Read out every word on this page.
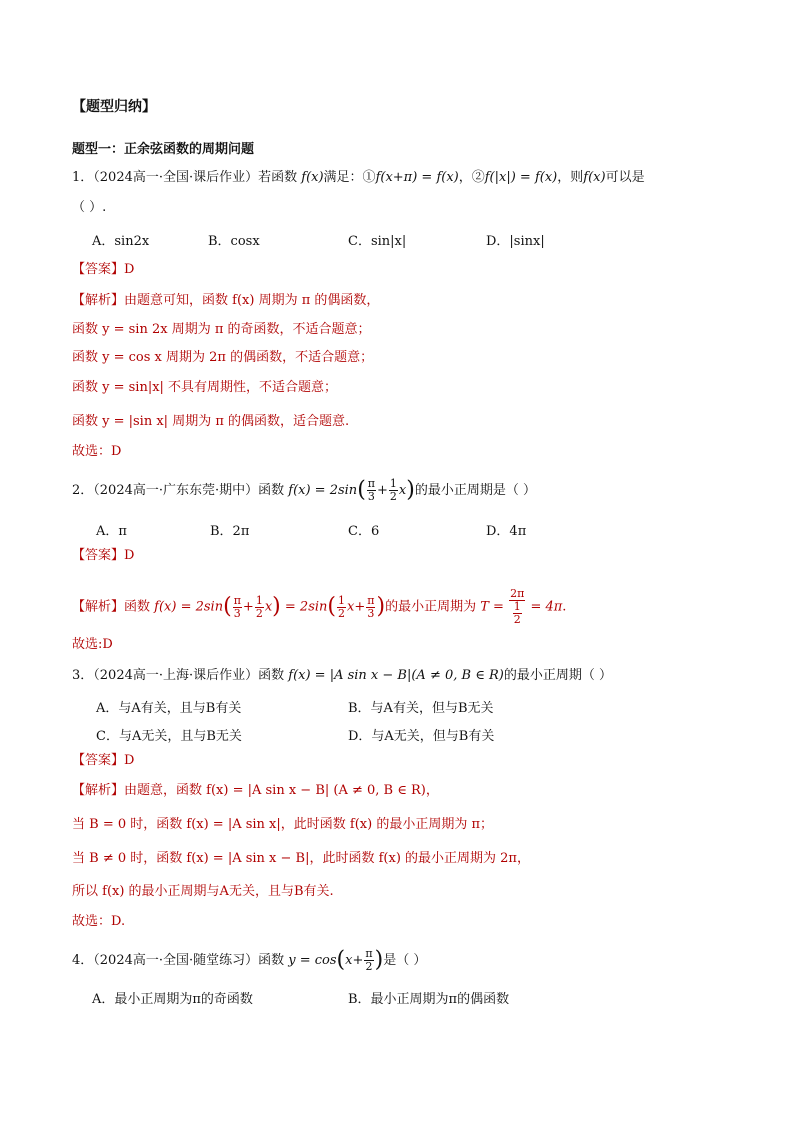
【题型归纳】
题型一：正余弦函数的周期问题
1．（2024高一·全国·课后作业）若函数 f(x)满足：①f(x+π) = f(x)，②f(|x|) = f(x)，则f(x)可以是
（ ）.
A．sin2x	B．cosx	C．sin|x|	D．|sinx|
【答案】D
【解析】由题意可知，函数 f(x) 周期为 π 的偶函数，
函数 y = sin 2x 周期为 π 的奇函数，不适合题意；
函数 y = cos x 周期为 2π 的偶函数，不适合题意；
函数 y = sin|x| 不具有周期性，不适合题意；
函数 y = |sin x| 周期为 π 的偶函数，适合题意.
故选：D
2．（2024高一·广东东莞·期中）函数 $f(x) = 2\sin( \frac{\pi}{3} + \frac{1}{2} x)$的最小正周期是（ ）
A．π	B．2π	C．6	D．4π
【答案】D
【解析】函数 $f(x) = 2\sin( \frac{\pi}{3} + \frac{1}{2} x) = 2\sin( \frac{1}{2} x+ \frac{\pi}{3}$ )的最小正周期为 $T = \frac{2\pi}{\frac{1}{2}} = 4\pi$.
故选:D
3．（2024高一·上海·课后作业）函数 f(x) = |A sin x − B|(A ≠ 0, B ∈ R)的最小正周期（ ）
A．与A有关，且与B有关	B．与A有关，但与B无关
C．与A无关，且与B无关	D．与A无关，但与B有关
【答案】D
【解析】由题意，函数 f(x) = |A sin x − B| (A ≠ 0, B ∈ R)，
当 B = 0 时，函数 f(x) = |A sin x|，此时函数 f(x) 的最小正周期为 π；
当 B ≠ 0 时，函数 f(x) = |A sin x − B|，此时函数 f(x) 的最小正周期为 2π，
所以 f(x) 的最小正周期与A无关，且与B有关.
故选：D.
4．（2024高一·全国·随堂练习）函数 $y = \cos(x+ \frac{\pi}{2}$ )是（ ）
A．最小正周期为π的奇函数	B．最小正周期为π的偶函数
